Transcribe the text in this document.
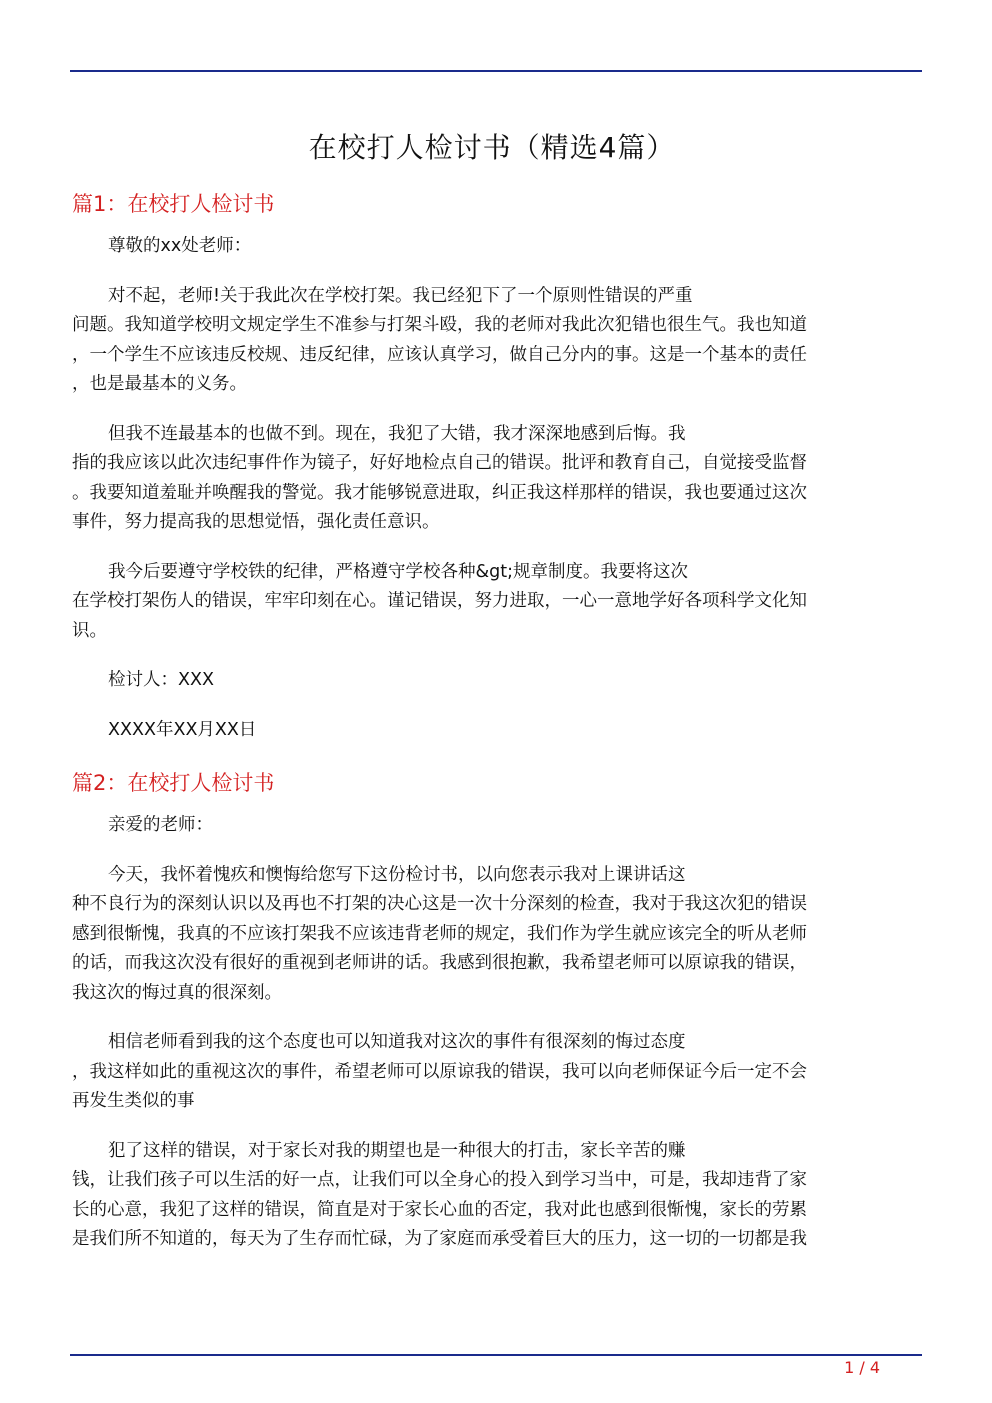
在校打人检讨书（精选4篇）
篇1：在校打人检讨书
尊敬的xx处老师：
对不起，老师!关于我此次在学校打架。我已经犯下了一个原则性错误的严重
问题。我知道学校明文规定学生不准参与打架斗殴，我的老师对我此次犯错也很生气。我也知道
，一个学生不应该违反校规、违反纪律，应该认真学习，做自己分内的事。这是一个基本的责任
，也是最基本的义务。
但我不连最基本的也做不到。现在，我犯了大错，我才深深地感到后悔。我
指的我应该以此次违纪事件作为镜子，好好地检点自己的错误。批评和教育自己，自觉接受监督
。我要知道羞耻并唤醒我的警觉。我才能够锐意进取，纠正我这样那样的错误，我也要通过这次
事件，努力提高我的思想觉悟，强化责任意识。
我今后要遵守学校铁的纪律，严格遵守学校各种&gt;规章制度。我要将这次
在学校打架伤人的错误，牢牢印刻在心。谨记错误，努力进取，一心一意地学好各项科学文化知
识。
检讨人：XXX
XXXX年XX月XX日
篇2：在校打人检讨书
亲爱的老师：
今天，我怀着愧疚和懊悔给您写下这份检讨书，以向您表示我对上课讲话这
种不良行为的深刻认识以及再也不打架的决心这是一次十分深刻的检查，我对于我这次犯的错误
感到很惭愧，我真的不应该打架我不应该违背老师的规定，我们作为学生就应该完全的听从老师
的话，而我这次没有很好的重视到老师讲的话。我感到很抱歉，我希望老师可以原谅我的错误，
我这次的悔过真的很深刻。
相信老师看到我的这个态度也可以知道我对这次的事件有很深刻的悔过态度
，我这样如此的重视这次的事件，希望老师可以原谅我的错误，我可以向老师保证今后一定不会
再发生类似的事
犯了这样的错误，对于家长对我的期望也是一种很大的打击，家长辛苦的赚
钱，让我们孩子可以生活的好一点，让我们可以全身心的投入到学习当中，可是，我却违背了家
长的心意，我犯了这样的错误，简直是对于家长心血的否定，我对此也感到很惭愧，家长的劳累
是我们所不知道的，每天为了生存而忙碌，为了家庭而承受着巨大的压力，这一切的一切都是我
1 / 4
